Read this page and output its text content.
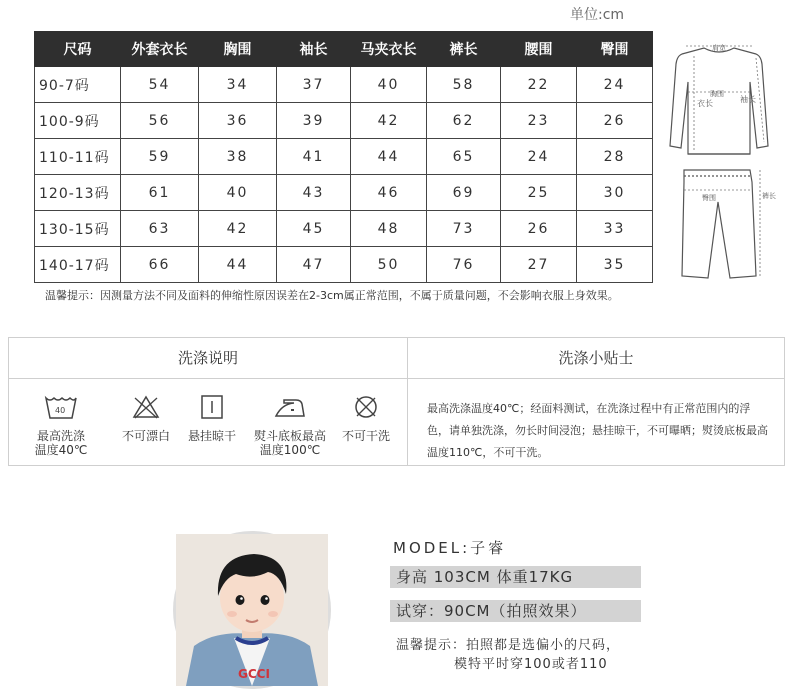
单位:cm
尺码	外套衣长	胸围	袖长	马夹衣长	裤长	腰围	臀围
90-7码	54	34	37	40	58	22	24
100-9码	56	36	39	42	62	23	26
110-11码	59	38	41	44	65	24	28
120-13码	61	40	43	46	69	25	30
130-15码	63	42	45	48	73	26	33
140-17码	66	44	47	50	76	27	35
肩宽
胸围
衣长	袖长
臀围	裤长
温馨提示：因测量方法不同及面料的伸缩性原因误差在2-3cm属正常范围，不属于质量问题，不会影响衣服上身效果。
洗涤说明	洗涤小贴士
40
最高洗涤
温度40℃
不可漂白	悬挂晾干	熨斗底板最高
温度100℃
不可干洗
最高洗涤温度40℃；经面料测试，在洗涤过程中有正常范围内的浮色，请单独洗涤，勿长时间浸泡；悬挂晾干，不可曝晒；熨烫底板最高温度110℃，不可干洗。
GCCI
MODEL:子睿
身高 103CM 体重17KG
试穿：90CM（拍照效果）
温馨提示：拍照都是选偏小的尺码，
模特平时穿100或者110
